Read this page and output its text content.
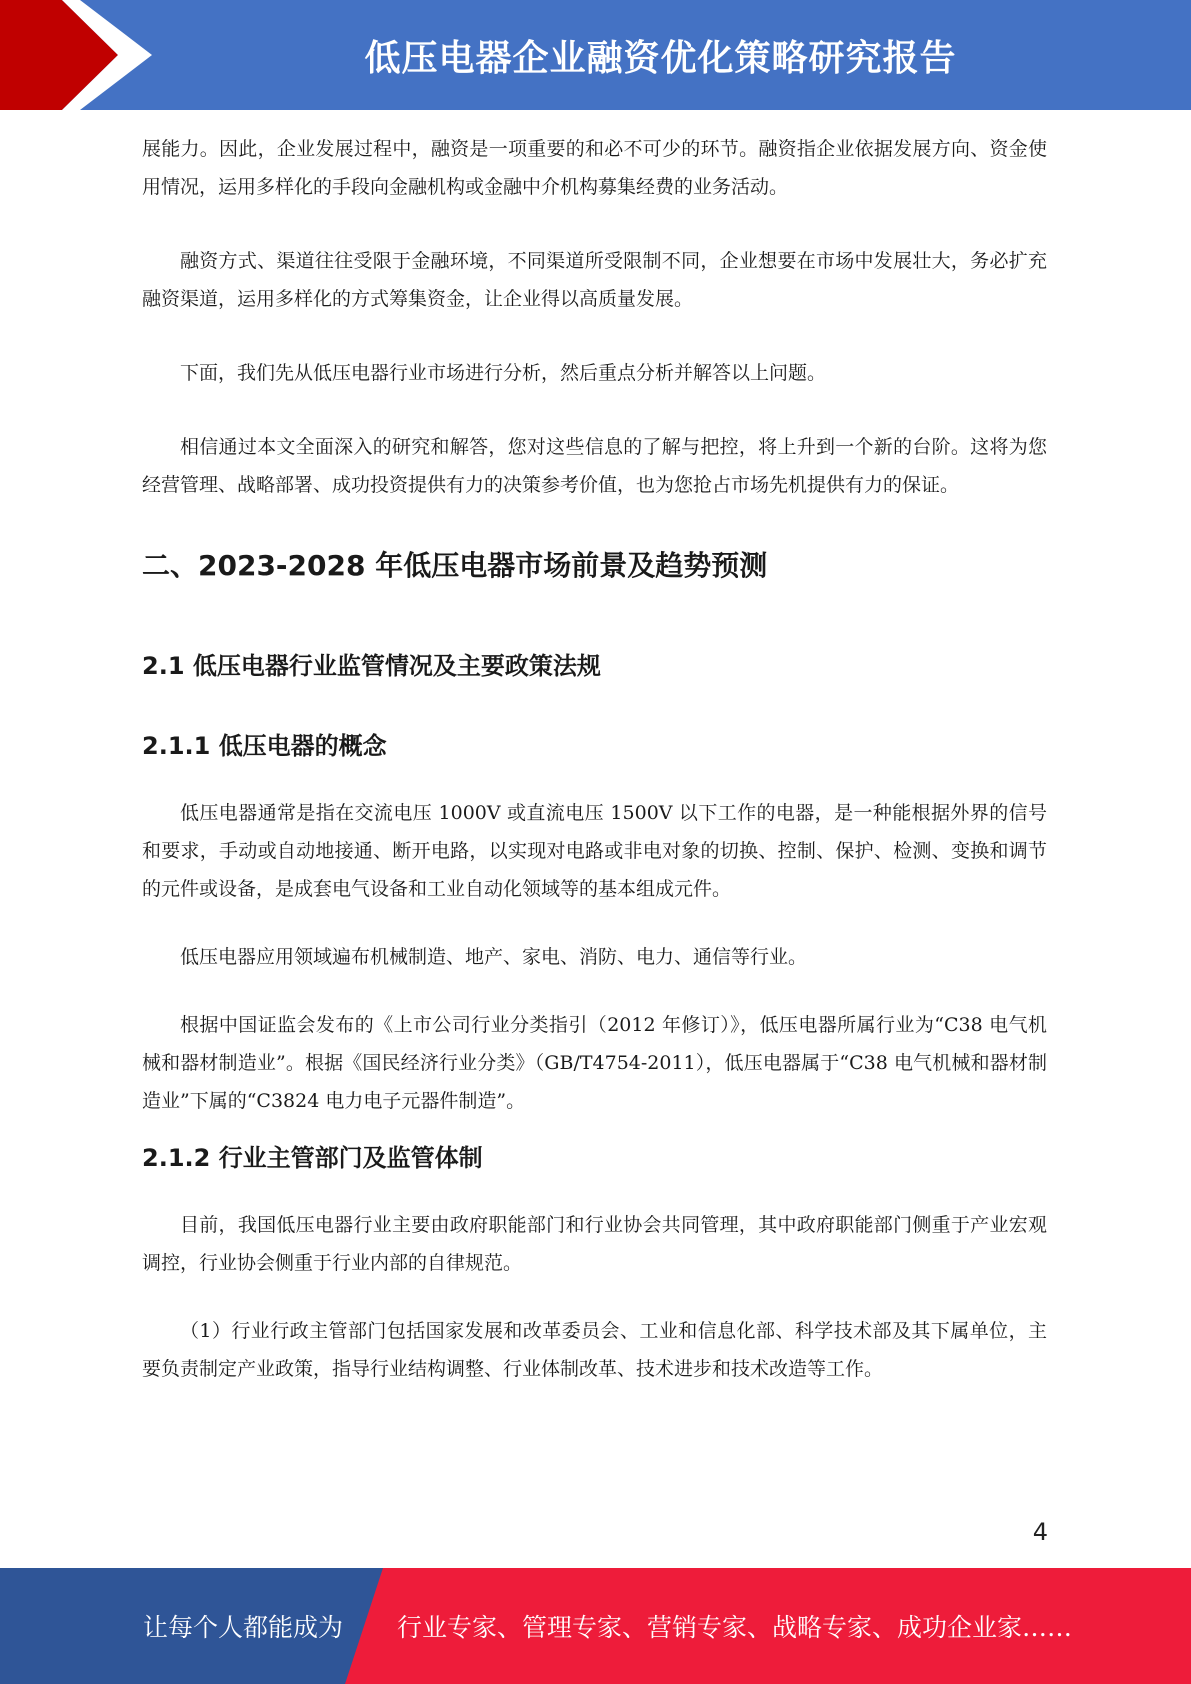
低压电器企业融资优化策略研究报告

展能力。因此，企业发展过程中，融资是一项重要的和必不可少的环节。融资指企业依据发展方向、资金使用情况，运用多样化的手段向金融机构或金融中介机构募集经费的业务活动。

融资方式、渠道往往受限于金融环境，不同渠道所受限制不同，企业想要在市场中发展壮大，务必扩充融资渠道，运用多样化的方式筹集资金，让企业得以高质量发展。

下面，我们先从低压电器行业市场进行分析，然后重点分析并解答以上问题。

相信通过本文全面深入的研究和解答，您对这些信息的了解与把控，将上升到一个新的台阶。这将为您经营管理、战略部署、成功投资提供有力的决策参考价值，也为您抢占市场先机提供有力的保证。

二、2023-2028 年低压电器市场前景及趋势预测
2.1 低压电器行业监管情况及主要政策法规
2.1.1 低压电器的概念

低压电器通常是指在交流电压 1000V 或直流电压 1500V 以下工作的电器，是一种能根据外界的信号和要求，手动或自动地接通、断开电路，以实现对电路或非电对象的切换、控制、保护、检测、变换和调节的元件或设备，是成套电气设备和工业自动化领域等的基本组成元件。

低压电器应用领域遍布机械制造、地产、家电、消防、电力、通信等行业。

根据中国证监会发布的《上市公司行业分类指引（2012 年修订）》，低压电器所属行业为“C38 电气机械和器材制造业”。根据《国民经济行业分类》（GB/T4754-2011），低压电器属于“C38 电气机械和器材制造业”下属的“C3824 电力电子元器件制造”。

2.1.2 行业主管部门及监管体制

目前，我国低压电器行业主要由政府职能部门和行业协会共同管理，其中政府职能部门侧重于产业宏观调控，行业协会侧重于行业内部的自律规范。

（1）行业行政主管部门包括国家发展和改革委员会、工业和信息化部、科学技术部及其下属单位，主要负责制定产业政策，指导行业结构调整、行业体制改革、技术进步和技术改造等工作。

4
让每个人都能成为 行业专家、管理专家、营销专家、战略专家、成功企业家……
